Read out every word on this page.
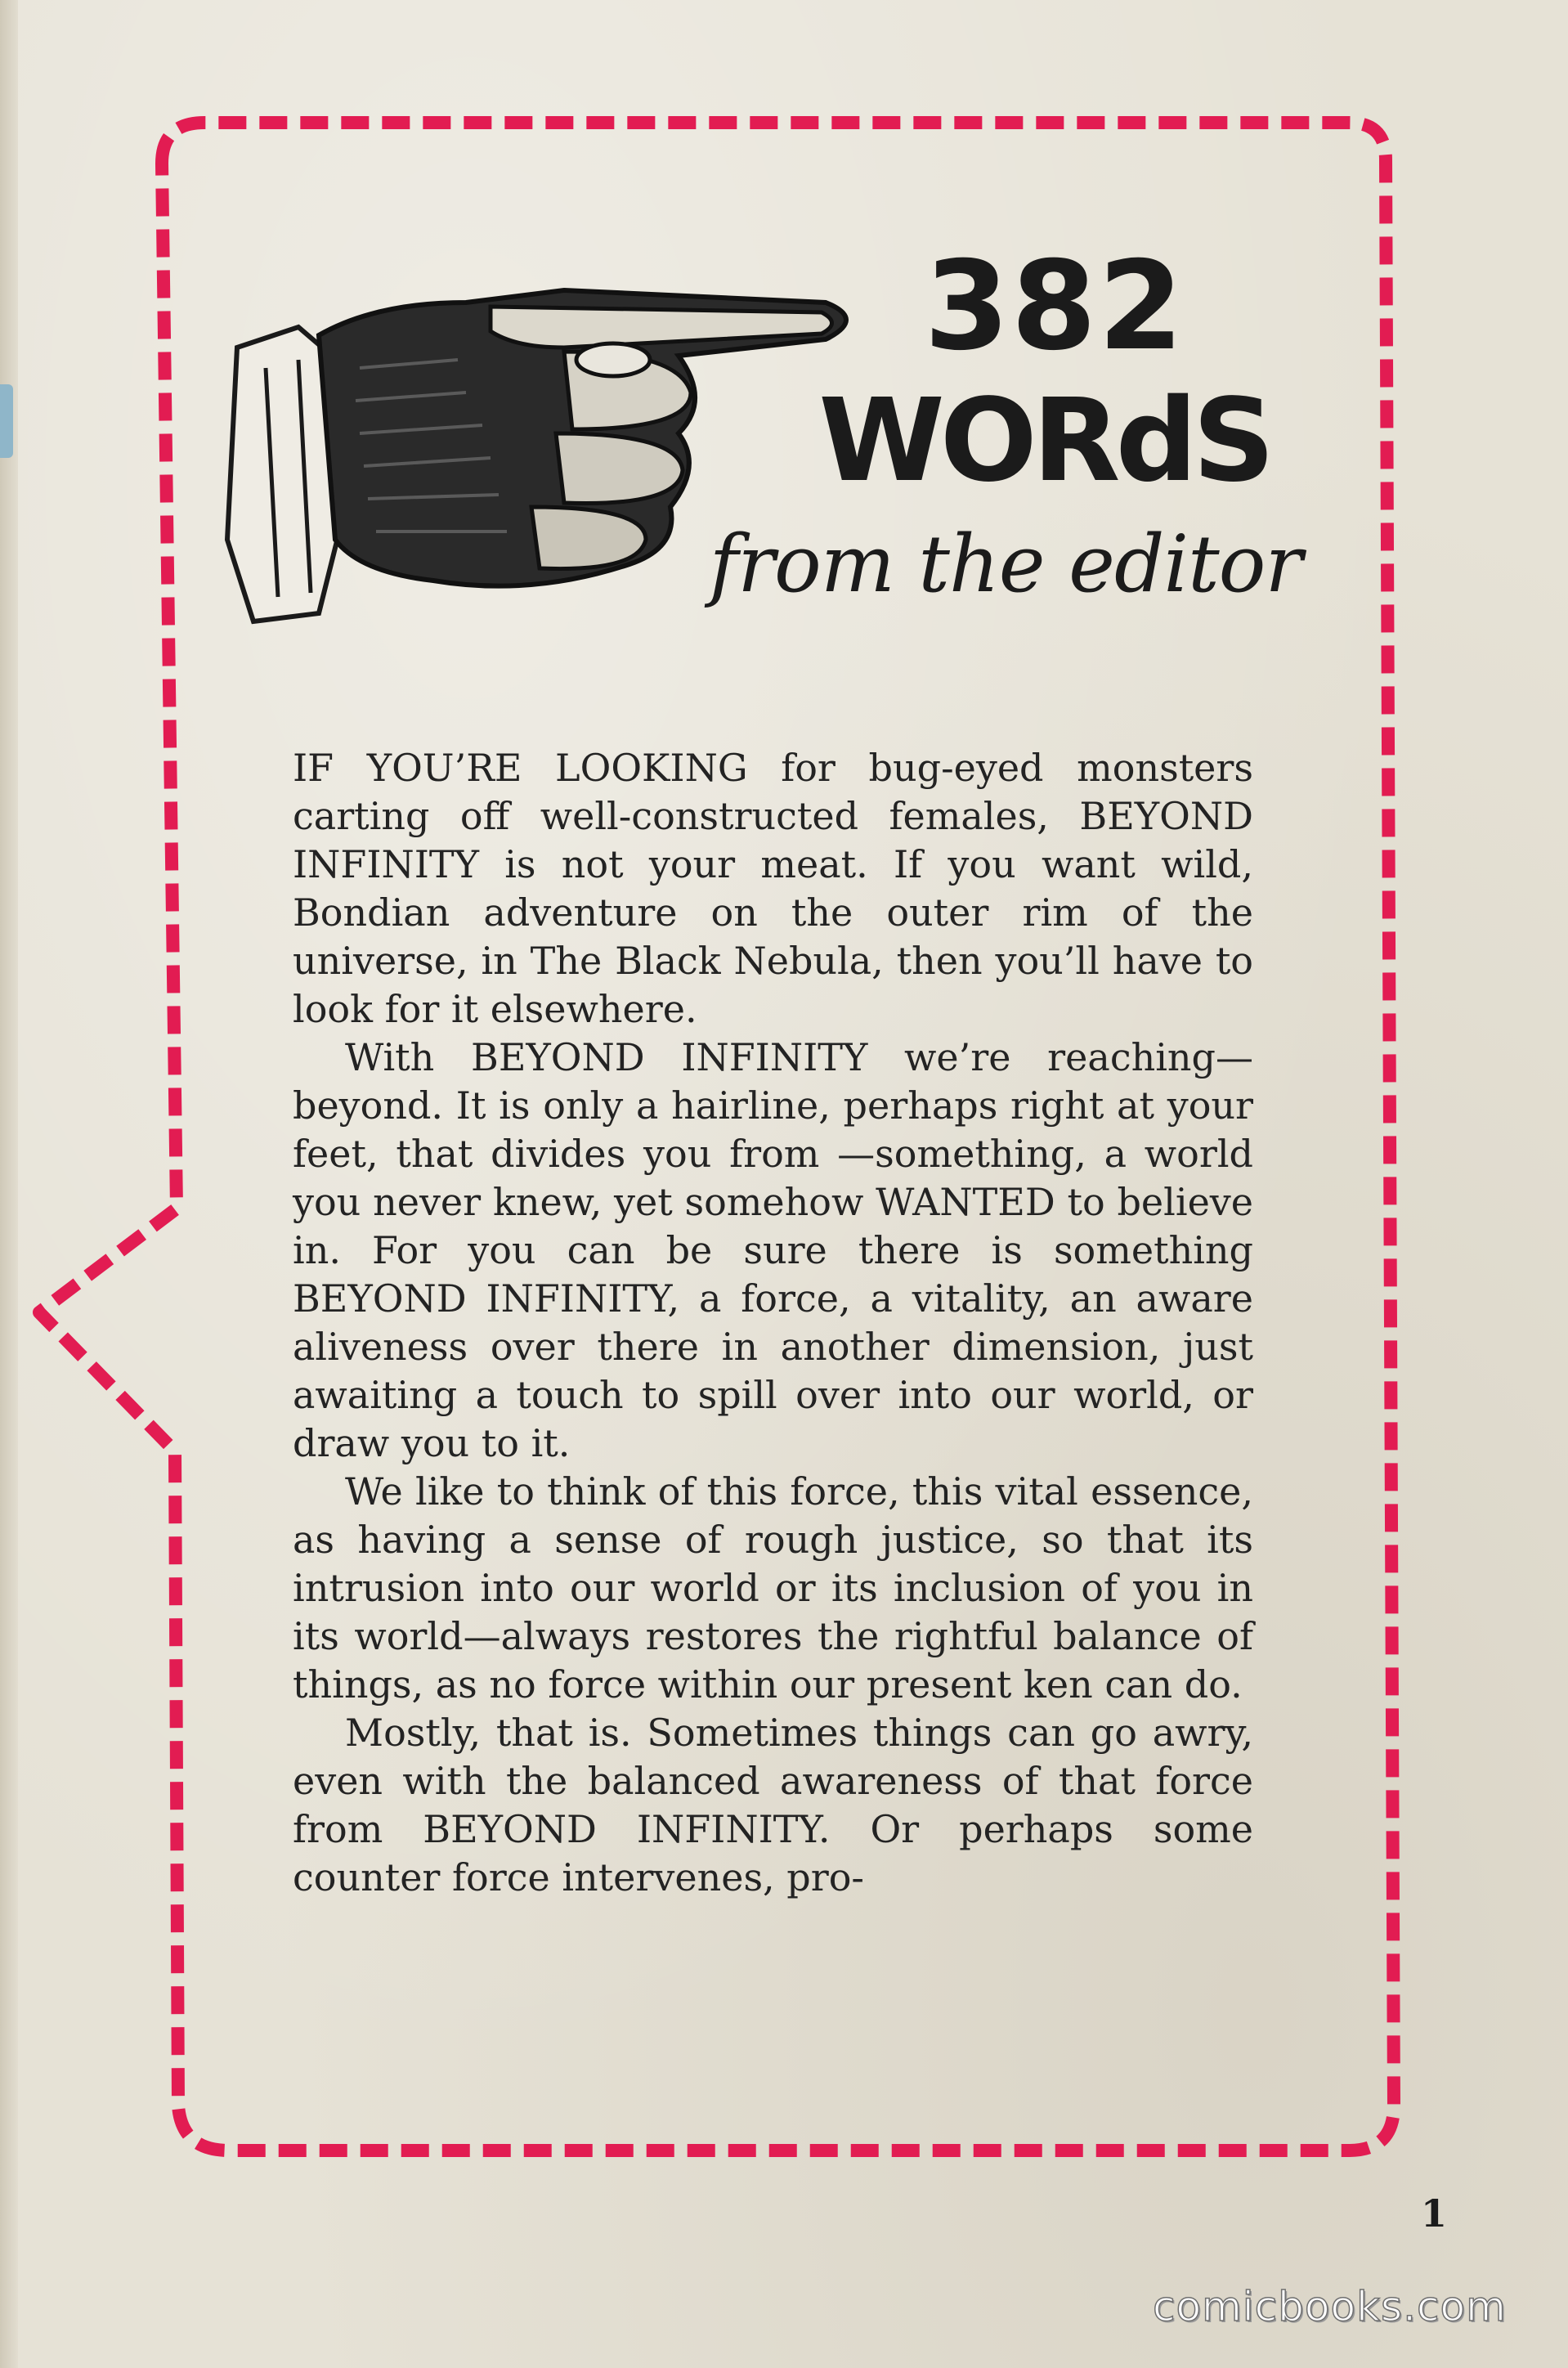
382
WORdS
from the editor

IF YOU’RE LOOKING for bug-eyed monsters carting off well-constructed females, BEYOND INFINITY is not your meat. If you want wild, Bondian adventure on the outer rim of the universe, in The Black Nebula, then you’ll have to look for it elsewhere.

With BEYOND INFINITY we’re reaching—beyond. It is only a hairline, perhaps right at your feet, that divides you from —something, a world you never knew, yet somehow WANTED to believe in. For you can be sure there is something BEYOND INFINITY, a force, a vitality, an aware aliveness over there in another dimension, just awaiting a touch to spill over into our world, or draw you to it.

We like to think of this force, this vital essence, as having a sense of rough justice, so that its intrusion into our world or its inclusion of you in its world—always restores the rightful balance of things, as no force within our present ken can do.

Mostly, that is. Sometimes things can go awry, even with the balanced awareness of that force from BEYOND INFINITY. Or perhaps some counter force intervenes, pro-

1
comicbooks.com
